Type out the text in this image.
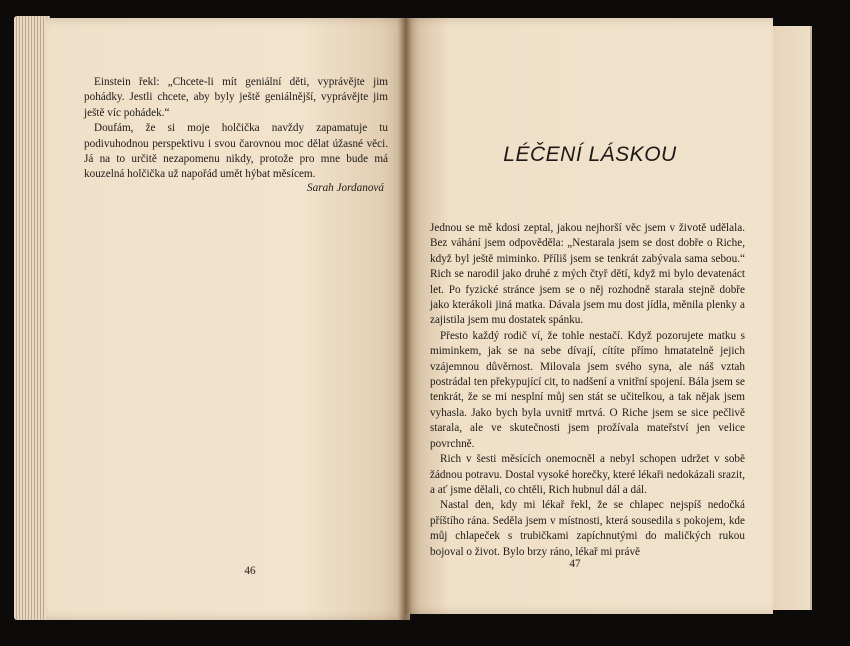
Einstein řekl: „Chcete-li mít geniální děti, vyprávějte jim pohádky. Jestli chcete, aby byly ještě geniálnější, vyprávějte jim ještě víc pohádek.“

Doufám, že si moje holčička navždy zapamatuje tu podivuhodnou perspektivu i svou čarovnou moc dělat úžasné věci. Já na to určitě nezapomenu nikdy, protože pro mne bude má kouzelná holčička už napořád umět hýbat měsícem.

Sarah Jordanová
46
LÉČENÍ LÁSKOU

Jednou se mě kdosi zeptal, jakou nejhorší věc jsem v životě udělala. Bez váhání jsem odpověděla: „Nestarala jsem se dost dobře o Riche, když byl ještě miminko. Příliš jsem se tenkrát zabývala sama sebou.“ Rich se narodil jako druhé z mých čtyř dětí, když mi bylo devatenáct let. Po fyzické stránce jsem se o něj rozhodně starala stejně dobře jako kterákoli jiná matka. Dávala jsem mu dost jídla, měnila plenky a zajistila jsem mu dostatek spánku.

Přesto každý rodič ví, že tohle nestačí. Když pozorujete matku s miminkem, jak se na sebe dívají, cítíte přímo hmatatelně jejich vzájemnou důvěrnost. Milovala jsem svého syna, ale náš vztah postrádal ten překypující cit, to nadšení a vnitřní spojení. Bála jsem se tenkrát, že se mi nesplní můj sen stát se učitelkou, a tak nějak jsem vyhasla. Jako bych byla uvnitř mrtvá. O Riche jsem se sice pečlivě starala, ale ve skutečnosti jsem prožívala mateřství jen velice povrchně.

Rich v šesti měsících onemocněl a nebyl schopen udržet v sobě žádnou potravu. Dostal vysoké horečky, které lékaři nedokázali srazit, a ať jsme dělali, co chtěli, Rich hubnul dál a dál.

Nastal den, kdy mi lékař řekl, že se chlapec nejspíš nedočká příštího rána. Seděla jsem v místnosti, která sousedila s pokojem, kde můj chlapeček s trubičkami zapíchnutými do maličkých rukou bojoval o život. Bylo brzy ráno, lékař mi právě

47
